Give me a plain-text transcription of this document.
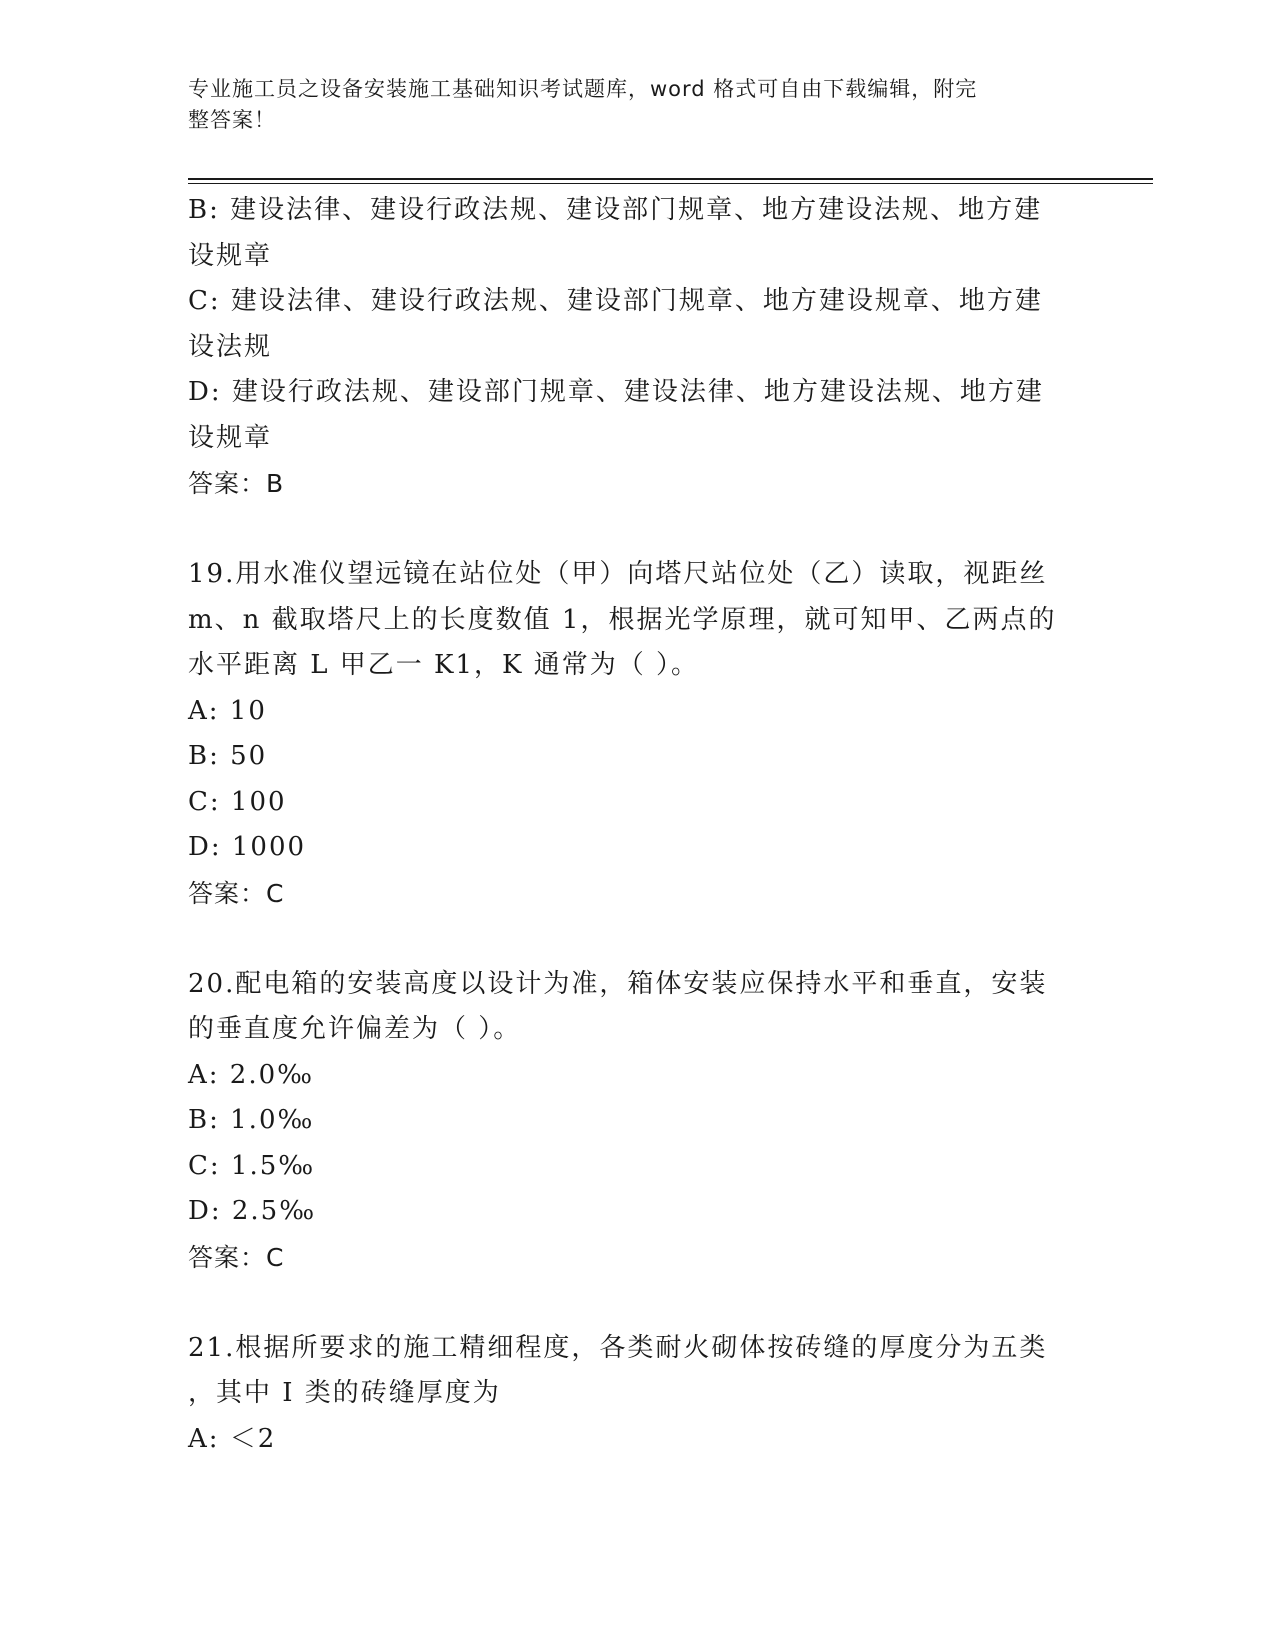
专业施工员之设备安装施工基础知识考试题库，word 格式可自由下载编辑，附完
整答案！
B: 建设法律、建设行政法规、建设部门规章、地方建设法规、地方建
设规章
C: 建设法律、建设行政法规、建设部门规章、地方建设规章、地方建
设法规
D: 建设行政法规、建设部门规章、建设法律、地方建设法规、地方建
设规章
答案：B
19.用水准仪望远镜在站位处（甲）向塔尺站位处（乙）读取，视距丝
m、n 截取塔尺上的长度数值 1，根据光学原理，就可知甲、乙两点的
水平距离 L 甲乙一 K1，K 通常为（ ）。
A: 10
B: 50
C: 100
D: 1000
答案：C
20.配电箱的安装高度以设计为准，箱体安装应保持水平和垂直，安装
的垂直度允许偏差为（ ）。
A: 2.0‰
B: 1.0‰
C: 1.5‰
D: 2.5‰
答案：C
21.根据所要求的施工精细程度，各类耐火砌体按砖缝的厚度分为五类
，其中 I 类的砖缝厚度为
A: ＜2
